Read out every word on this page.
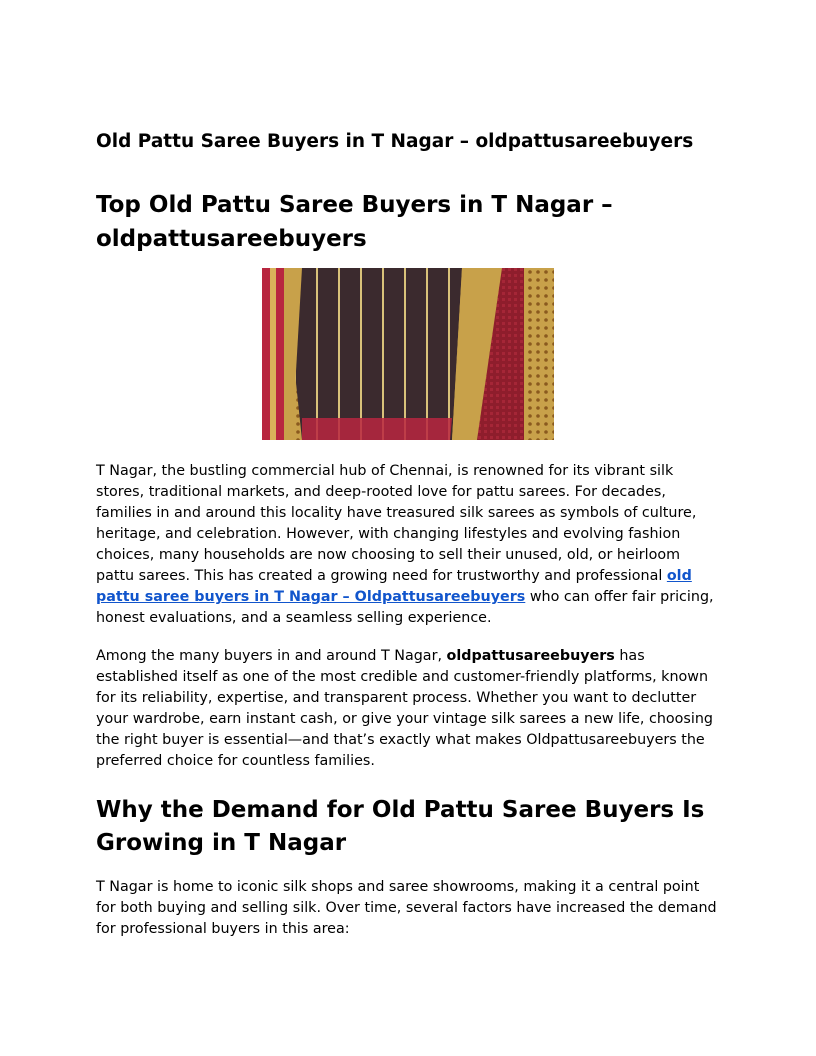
Old Pattu Saree Buyers in T Nagar – oldpattusareebuyers
Top Old Pattu Saree Buyers in T Nagar – oldpattusareebuyers

T Nagar, the bustling commercial hub of Chennai, is renowned for its vibrant silk stores, traditional markets, and deep-rooted love for pattu sarees. For decades, families in and around this locality have treasured silk sarees as symbols of culture, heritage, and celebration. However, with changing lifestyles and evolving fashion choices, many households are now choosing to sell their unused, old, or heirloom pattu sarees. This has created a growing need for trustworthy and professional old pattu saree buyers in T Nagar – Oldpattusareebuyers who can offer fair pricing, honest evaluations, and a seamless selling experience.

Among the many buyers in and around T Nagar, oldpattusareebuyers has established itself as one of the most credible and customer-friendly platforms, known for its reliability, expertise, and transparent process. Whether you want to declutter your wardrobe, earn instant cash, or give your vintage silk sarees a new life, choosing the right buyer is essential—and that’s exactly what makes Oldpattusareebuyers the preferred choice for countless families.

Why the Demand for Old Pattu Saree Buyers Is Growing in T Nagar

T Nagar is home to iconic silk shops and saree showrooms, making it a central point for both buying and selling silk. Over time, several factors have increased the demand for professional buyers in this area:
